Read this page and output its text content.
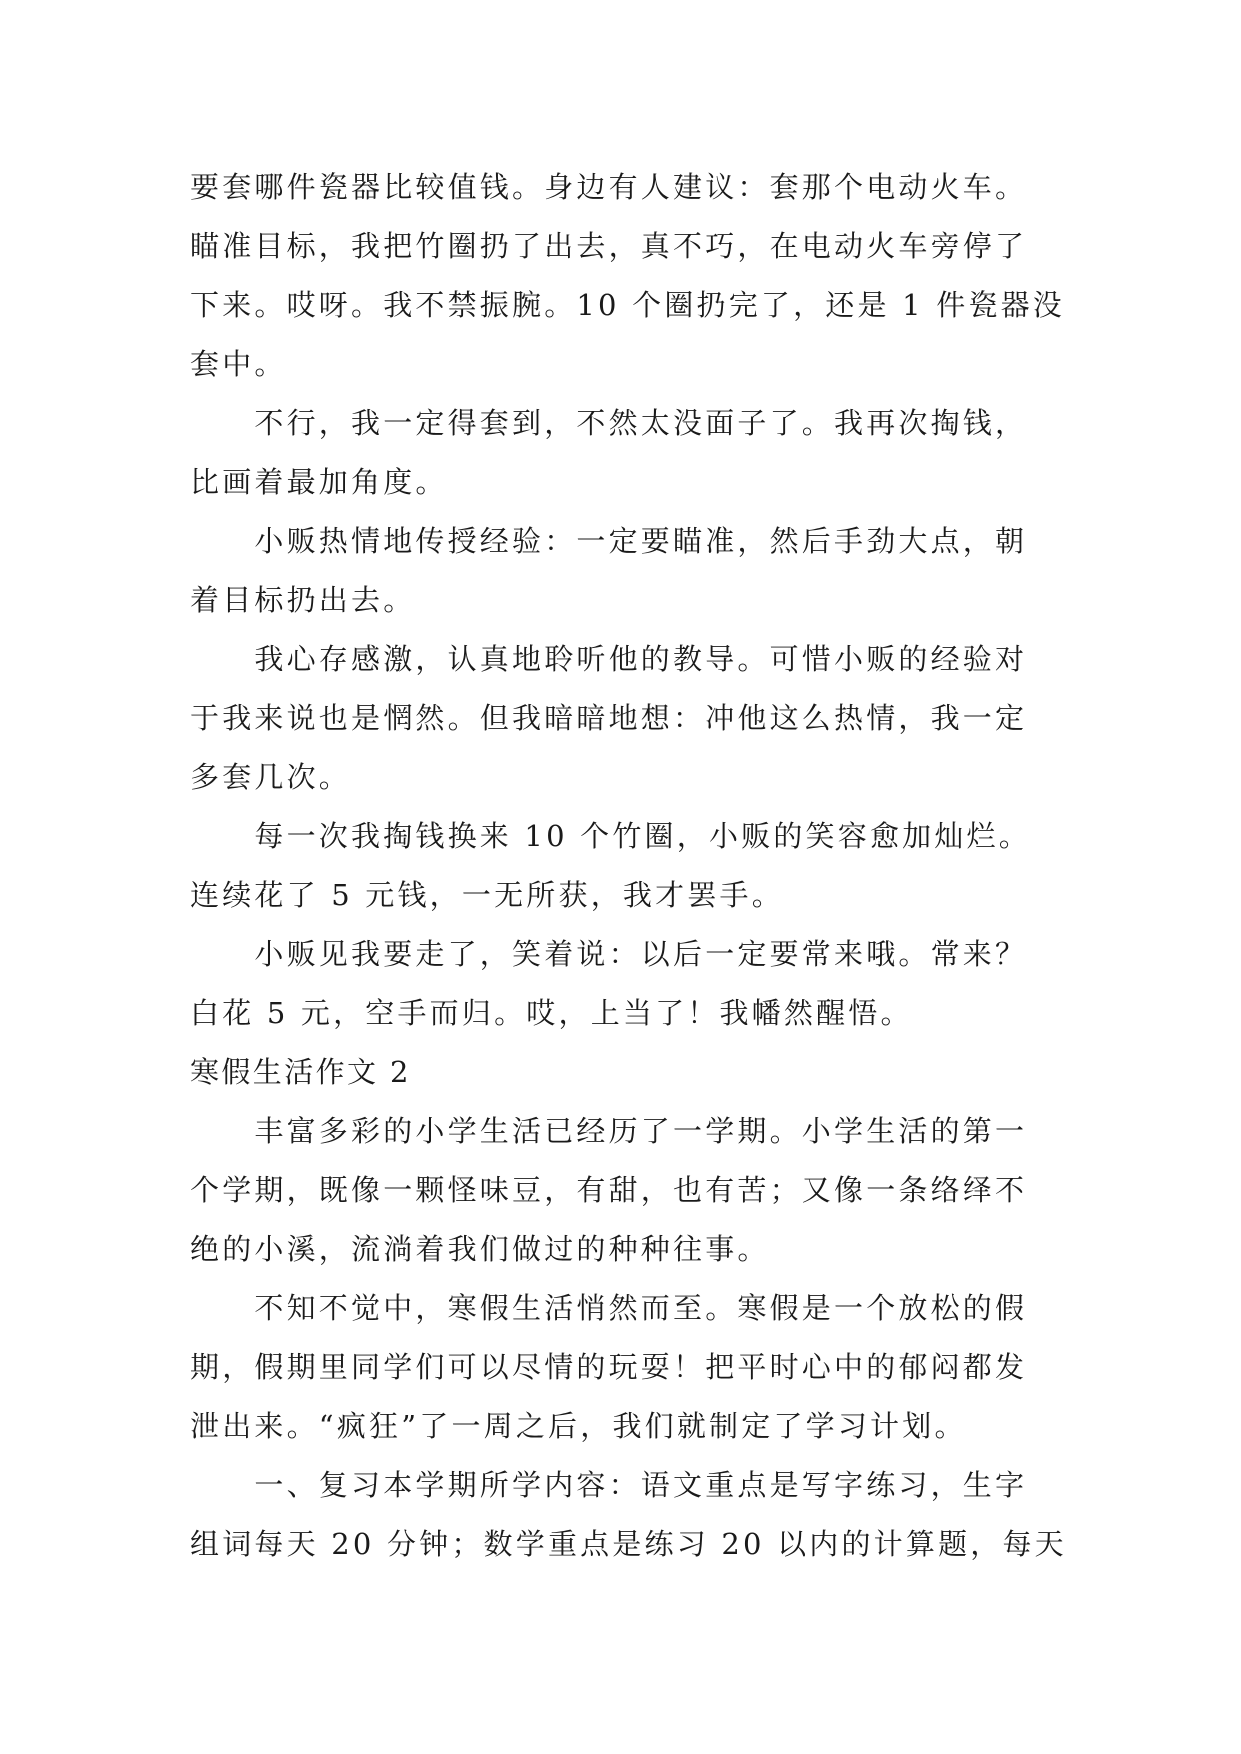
要套哪件瓷器比较值钱。身边有人建议：套那个电动火车。
瞄准目标，我把竹圈扔了出去，真不巧，在电动火车旁停了
下来。哎呀。我不禁振腕。10 个圈扔完了，还是 1 件瓷器没
套中。
　　不行，我一定得套到，不然太没面子了。我再次掏钱，
比画着最加角度。
　　小贩热情地传授经验：一定要瞄准，然后手劲大点，朝
着目标扔出去。
　　我心存感激，认真地聆听他的教导。可惜小贩的经验对
于我来说也是惘然。但我暗暗地想：冲他这么热情，我一定
多套几次。
　　每一次我掏钱换来 10 个竹圈，小贩的笑容愈加灿烂。
连续花了 5 元钱，一无所获，我才罢手。
　　小贩见我要走了，笑着说：以后一定要常来哦。常来？
白花 5 元，空手而归。哎，上当了！我幡然醒悟。
寒假生活作文 2
　　丰富多彩的小学生活已经历了一学期。小学生活的第一
个学期，既像一颗怪味豆，有甜，也有苦；又像一条络绎不
绝的小溪，流淌着我们做过的种种往事。
　　不知不觉中，寒假生活悄然而至。寒假是一个放松的假
期，假期里同学们可以尽情的玩耍！把平时心中的郁闷都发
泄出来。“疯狂”了一周之后，我们就制定了学习计划。
　　一、复习本学期所学内容：语文重点是写字练习，生字
组词每天 20 分钟；数学重点是练习 20 以内的计算题，每天
